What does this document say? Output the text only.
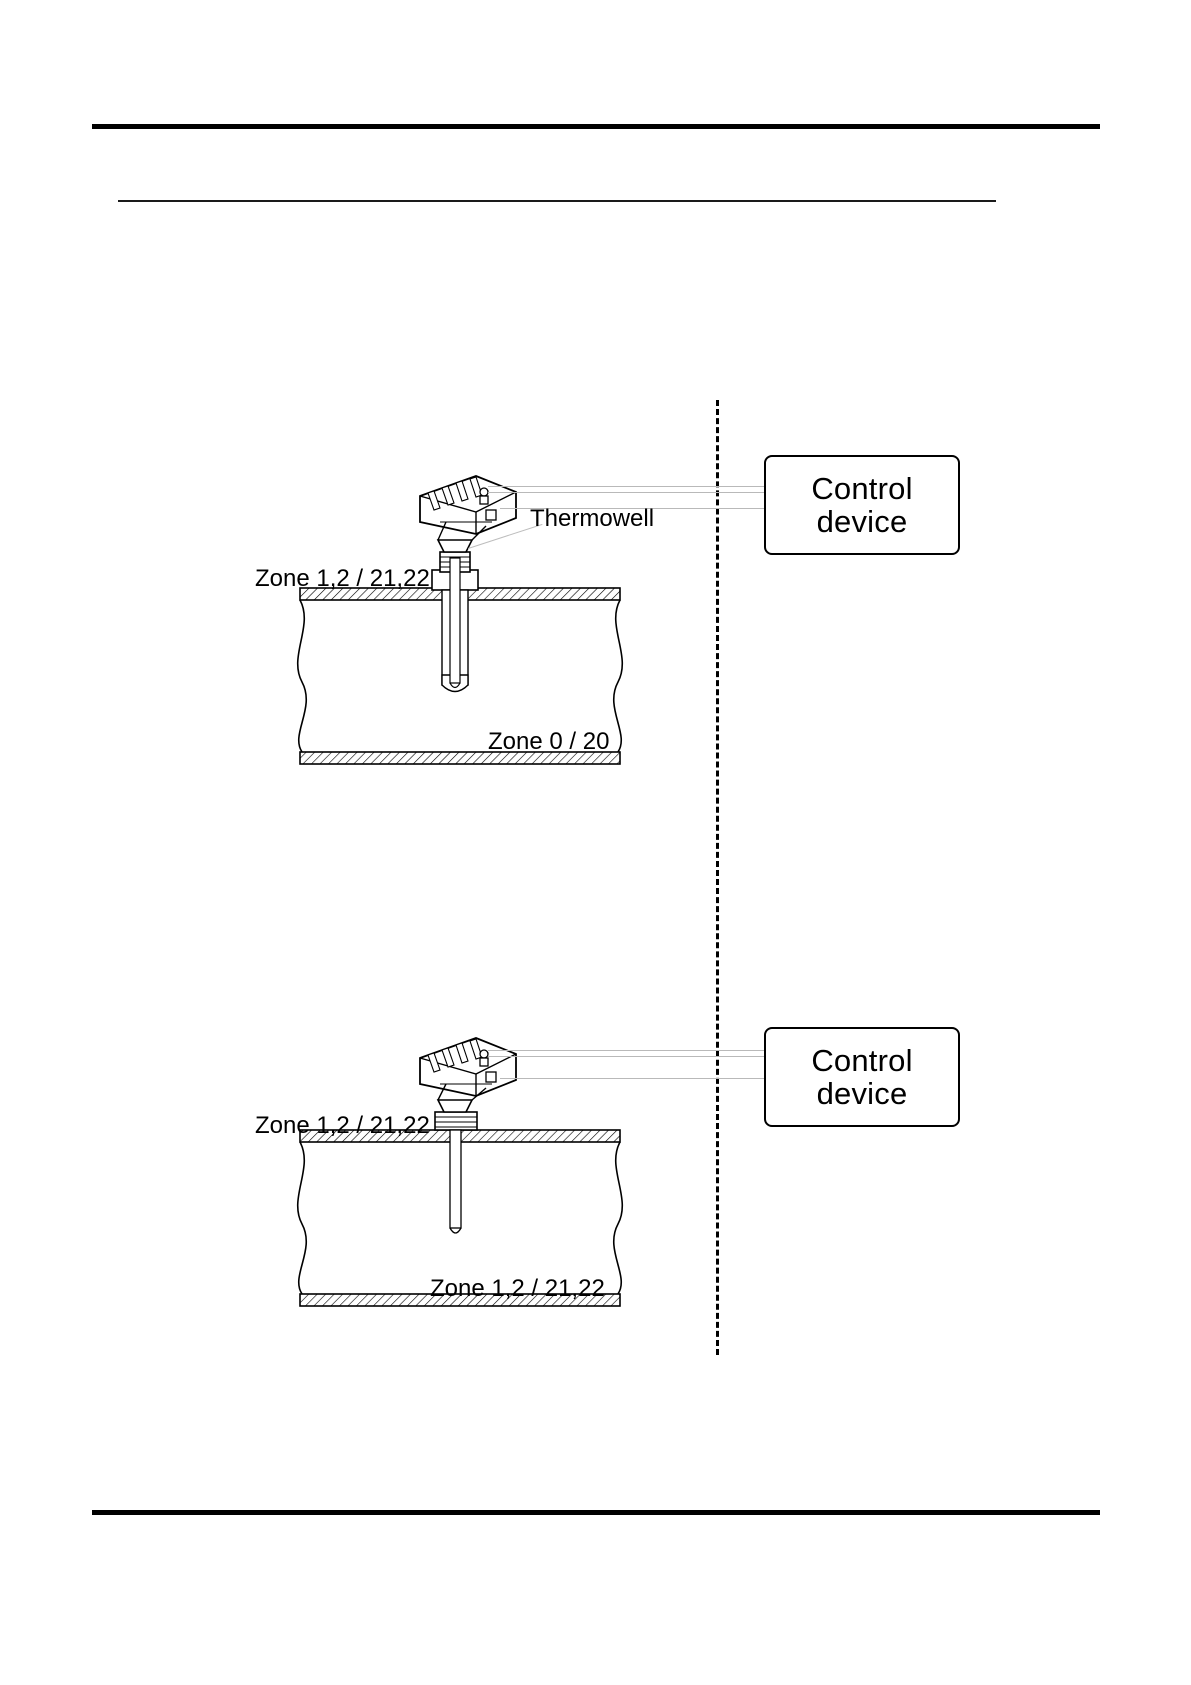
Control
device
Thermowell
Zone 1,2 / 21,22
Zone 0 / 20
Control
device
Zone 1,2 / 21,22
Zone 1,2 / 21,22
